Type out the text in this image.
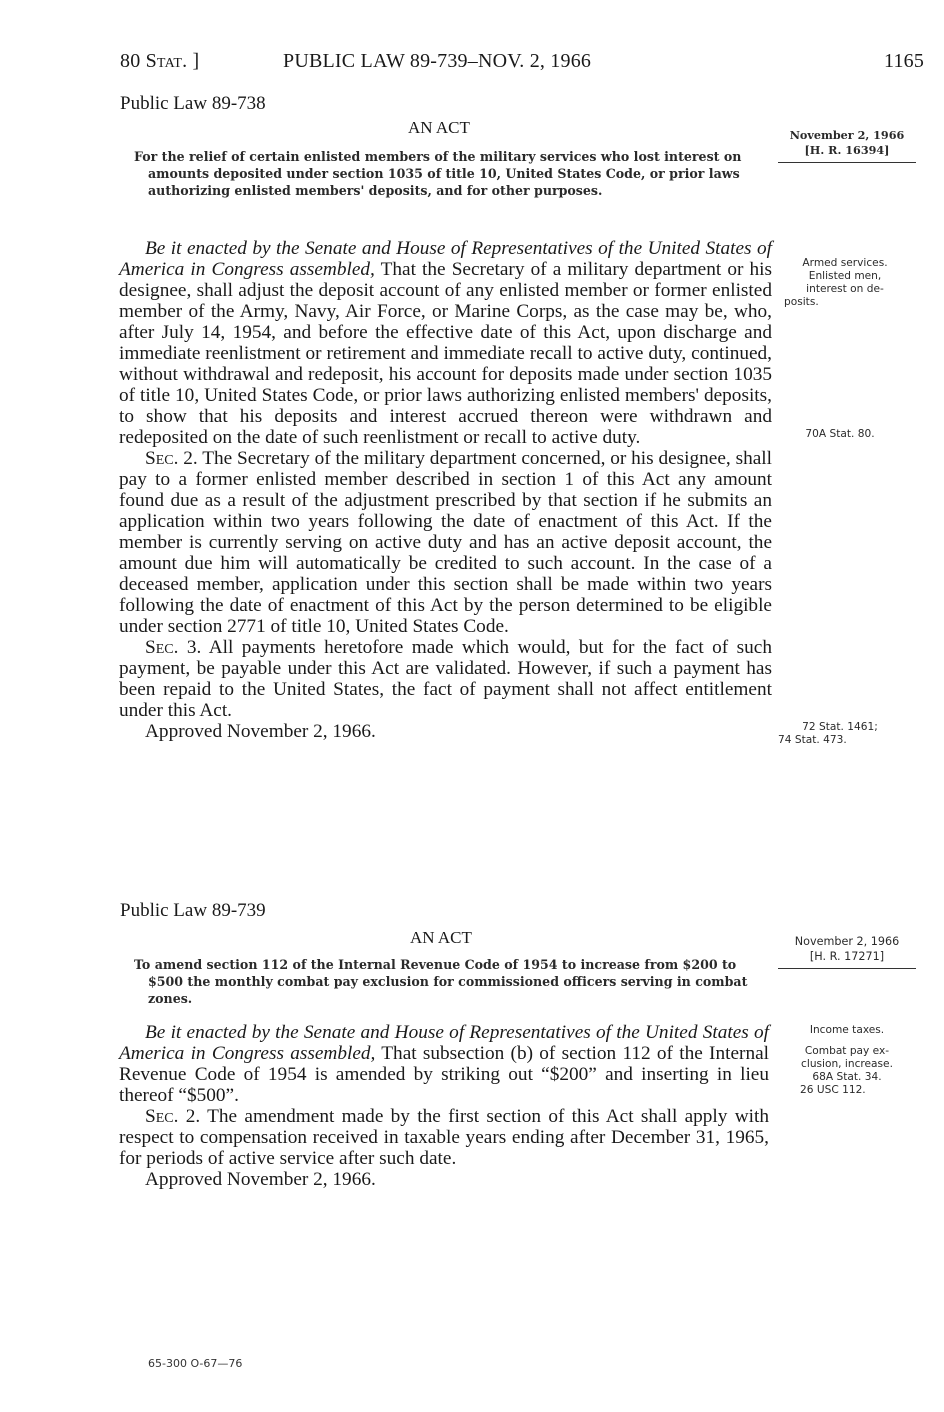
80 Stat. ]	PUBLIC LAW 89-739–NOV. 2, 1966	1165
Public Law 89-738
AN ACT	November 2, 1966
[H. R. 16394]

For the relief of certain enlisted members of the military services who lost interest on amounts deposited under section 1035 of title 10, United States Code, or prior laws authorizing enlisted members' deposits, and for other purposes.

Be it enacted by the Senate and House of Representatives of the United States of America in Congress assembled, That the Secretary of a military department or his designee, shall adjust the deposit account of any enlisted member or former enlisted member of the Army, Navy, Air Force, or Marine Corps, as the case may be, who, after July 14, 1954, and before the effective date of this Act, upon discharge and immediate reenlistment or retirement and immediate recall to active duty, continued, without withdrawal and redeposit, his account for deposits made under section 1035 of title 10, United States Code, or prior laws authorizing enlisted members' deposits, to show that his deposits and interest accrued thereon were withdrawn and redeposited on the date of such reenlistment or recall to active duty.

Sec. 2. The Secretary of the military department concerned, or his designee, shall pay to a former enlisted member described in section 1 of this Act any amount found due as a result of the adjustment prescribed by that section if he submits an application within two years following the date of enactment of this Act. If the member is currently serving on active duty and has an active deposit account, the amount due him will automatically be credited to such account. In the case of a deceased member, application under this section shall be made within two years following the date of enactment of this Act by the person determined to be eligible under section 2771 of title 10, United States Code.

Sec. 3. All payments heretofore made which would, but for the fact of such payment, be payable under this Act are validated. However, if such a payment has been repaid to the United States, the fact of payment shall not affect entitlement under this Act.

Approved November 2, 1966.

Armed services.
Enlisted men,
interest on de-
posits.
70A Stat. 80.
72 Stat. 1461;
74 Stat. 473.
Public Law 89-739
AN ACT	November 2, 1966
[H. R. 17271]

To amend section 112 of the Internal Revenue Code of 1954 to increase from $200 to $500 the monthly combat pay exclusion for commissioned officers serving in combat zones.

Be it enacted by the Senate and House of Representatives of the United States of America in Congress assembled, That subsection (b) of section 112 of the Internal Revenue Code of 1954 is amended by striking out “$200” and inserting in lieu thereof “$500”.

Sec. 2. The amendment made by the first section of this Act shall apply with respect to compensation received in taxable years ending after December 31, 1965, for periods of active service after such date.

Approved November 2, 1966.

Income taxes.
Combat pay ex-
clusion, increase.
68A Stat. 34.
26 USC 112.
65-300 O-67—76
